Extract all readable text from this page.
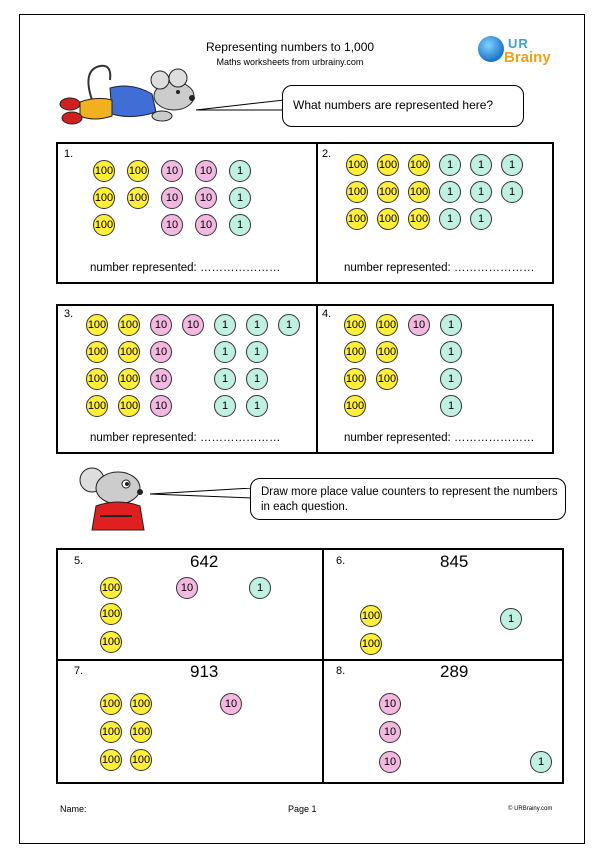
Representing numbers to 1,000
Maths worksheets from urbrainy.com
UR
Brainy
What numbers are represented here?
1.	2.
3.	4.
number represented: …………………	number represented: …………………
number represented: …………………	number represented: …………………
100 100	10	10	1
100 100	10	10	1
100	10	10	1
100 100 100	1	1	1
100 100 100	1	1	1
100 100 100	1	1
100 100	10	10	1	1	1
100 100	10	1	1
100 100	10	1	1
100 100	10	1	1
100 100	10	1
100 100	1
100 100	1
100	1
Draw more place value counters to represent the numbers in each question.
5.	642	6.	845
7.	913	8.	289
100	10	1
100
100
100	1
100
100 100	10
100 100
100 100
10
10
10	1
Name:	Page 1	© URBrainy.com
